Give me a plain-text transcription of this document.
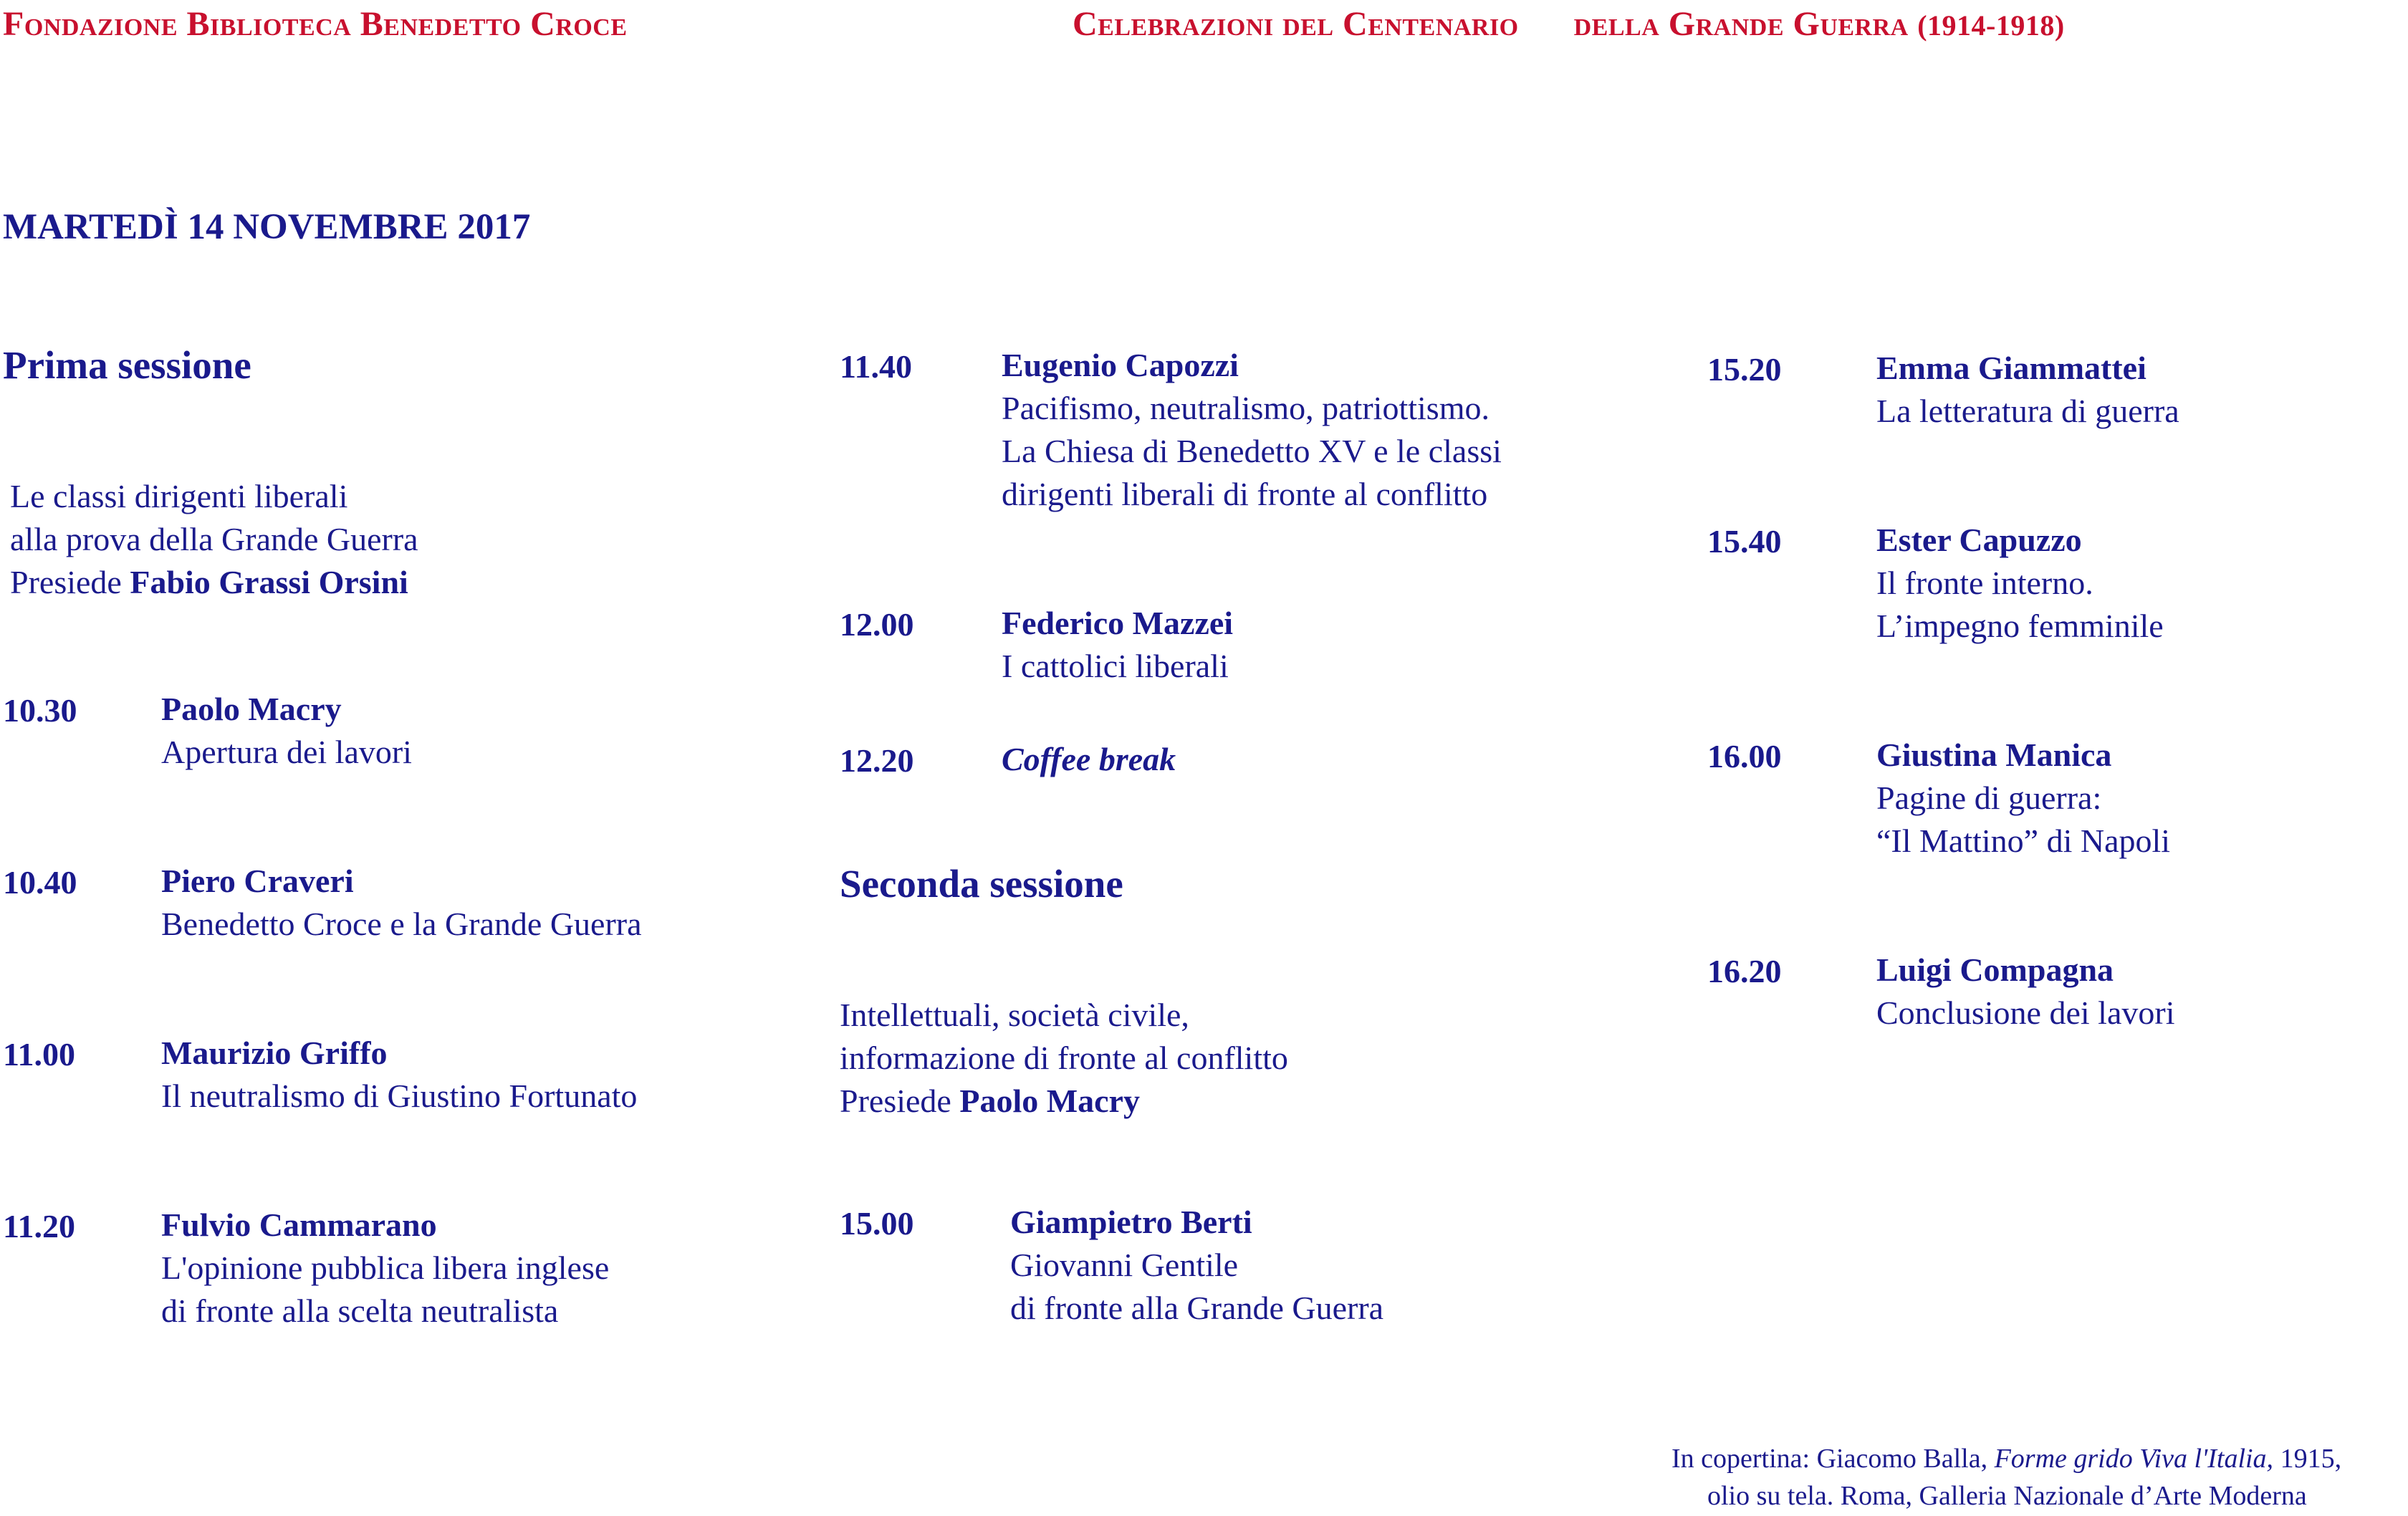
Fondazione Biblioteca Benedetto Croce	Celebrazioni del Centenario della Grande Guerra (1914-1918)
MARTEDÌ 14 NOVEMBRE 2017
Prima sessione
Le classi dirigenti liberali
alla prova della Grande Guerra
Presiede Fabio Grassi Orsini
10.30	Paolo Macry
Apertura dei lavori
10.40	Piero Craveri
Benedetto Croce e la Grande Guerra
11.00	Maurizio Griffo
Il neutralismo di Giustino Fortunato
11.20	Fulvio Cammarano
L'opinione pubblica libera inglese
di fronte alla scelta neutralista
11.40	Eugenio Capozzi
Pacifismo, neutralismo, patriottismo.
La Chiesa di Benedetto XV e le classi
dirigenti liberali di fronte al conflitto
12.00	Federico Mazzei
I cattolici liberali
12.20	Coffee break
Seconda sessione
Intellettuali, società civile,
informazione di fronte al conflitto
Presiede Paolo Macry
15.00	Giampietro Berti
Giovanni Gentile
di fronte alla Grande Guerra
15.20	Emma Giammattei
La letteratura di guerra
15.40	Ester Capuzzo
Il fronte interno.
L’impegno femminile
16.00	Giustina Manica
Pagine di guerra:
“Il Mattino” di Napoli
16.20	Luigi Compagna
Conclusione dei lavori
In copertina: Giacomo Balla, Forme grido Viva l'Italia, 1915,
olio su tela. Roma, Galleria Nazionale d’Arte Moderna
